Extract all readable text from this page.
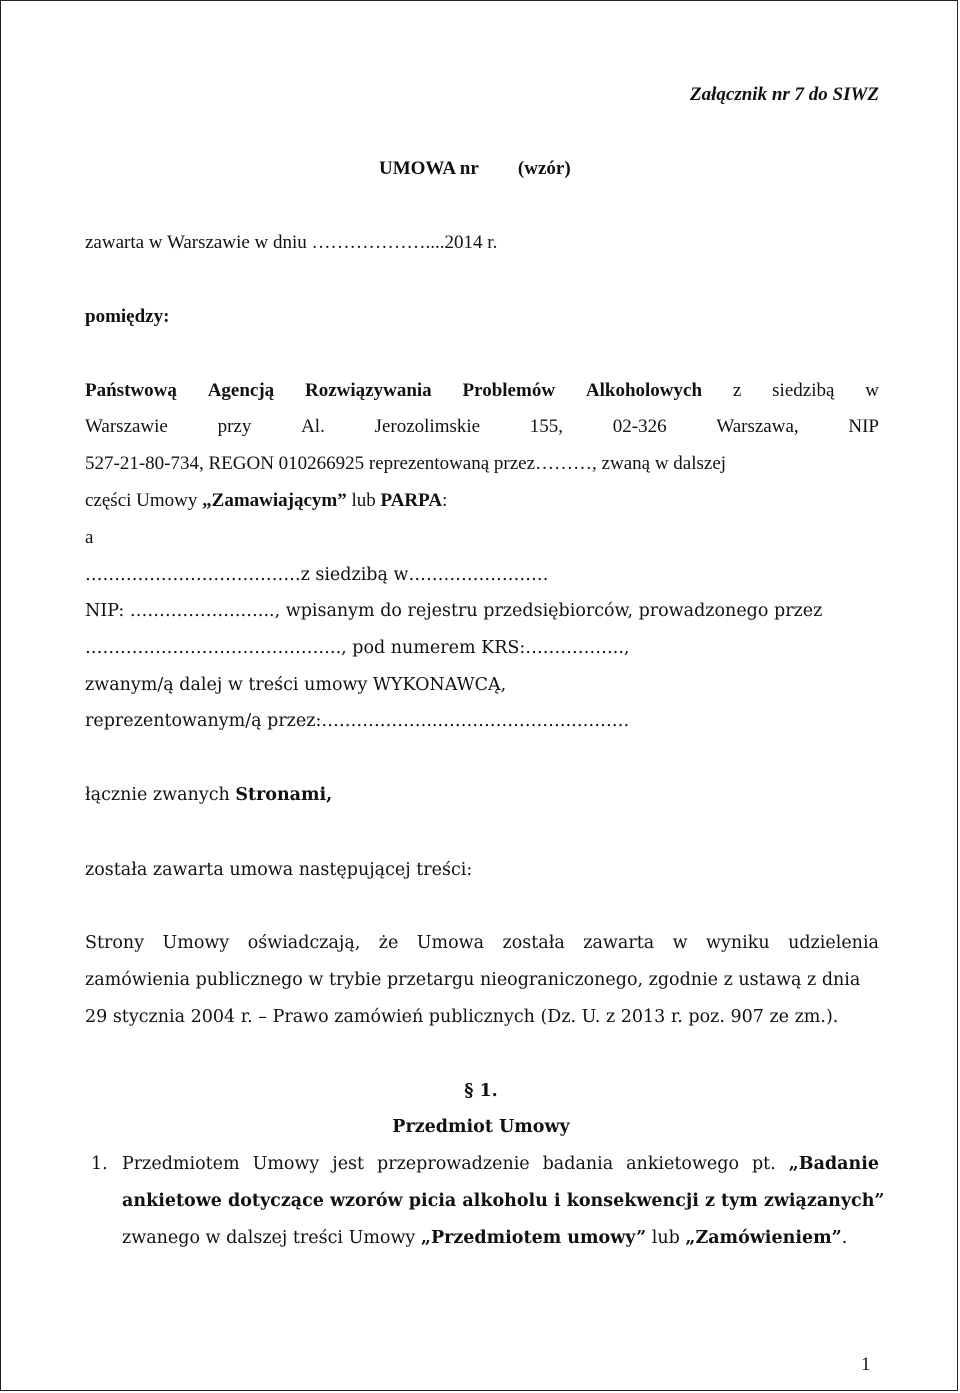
Załącznik nr 7 do SIWZ
UMOWA nr (wzór)
zawarta w Warszawie w dniu ………………....2014 r.
pomiędzy:
Państwową Agencją Rozwiązywania Problemów Alkoholowych z siedzibą w
Warszawie	przy	Al.	Jerozolimskie	155,	02-326	Warszawa,	NIP
527-21-80-734, REGON 010266925 reprezentowaną przez………, zwaną w dalszej
części Umowy „Zamawiającym” lub PARPA:
a
……………………………….z siedzibą w……………………
NIP: ……………….…..., wpisanym do rejestru przedsiębiorców, prowadzonego przez
…………………………………….., pod numerem KRS:……………..,
zwanym/ą dalej w treści umowy WYKONAWCĄ,
reprezentowanym/ą przez:………………...…………………..………
łącznie zwanych Stronami,
została zawarta umowa następującej treści:
Strony Umowy oświadczają, że Umowa została zawarta w wyniku udzielenia
zamówienia publicznego w trybie przetargu nieograniczonego, zgodnie z ustawą z dnia
29 stycznia 2004 r. – Prawo zamówień publicznych (Dz. U. z 2013 r. poz. 907 ze zm.).
§ 1.
Przedmiot Umowy
1. Przedmiotem Umowy jest przeprowadzenie badania ankietowego pt. „Badanie
ankietowe dotyczące wzorów picia alkoholu i konsekwencji z tym związanych”
zwanego w dalszej treści Umowy „Przedmiotem umowy” lub „Zamówieniem”.
1
